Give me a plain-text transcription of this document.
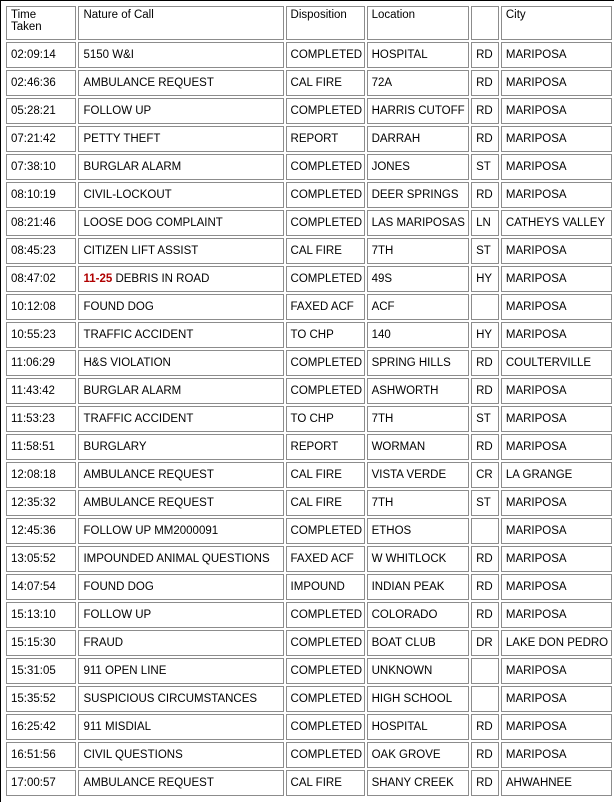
Time
Taken	Nature of Call	Disposition	Location		City
02:09:14	5150 W&I	COMPLETED	HOSPITAL	RD	MARIPOSA
02:46:36	AMBULANCE REQUEST	CAL FIRE	72A	RD	MARIPOSA
05:28:21	FOLLOW UP	COMPLETED	HARRIS CUTOFF	RD	MARIPOSA
07:21:42	PETTY THEFT	REPORT	DARRAH	RD	MARIPOSA
07:38:10	BURGLAR ALARM	COMPLETED	JONES	ST	MARIPOSA
08:10:19	CIVIL-LOCKOUT	COMPLETED	DEER SPRINGS	RD	MARIPOSA
08:21:46	LOOSE DOG COMPLAINT	COMPLETED	LAS MARIPOSAS	LN	CATHEYS VALLEY
08:45:23	CITIZEN LIFT ASSIST	CAL FIRE	7TH	ST	MARIPOSA
08:47:02	11-25 DEBRIS IN ROAD	COMPLETED	49S	HY	MARIPOSA
10:12:08	FOUND DOG	FAXED ACF	ACF		MARIPOSA
10:55:23	TRAFFIC ACCIDENT	TO CHP	140	HY	MARIPOSA
11:06:29	H&S VIOLATION	COMPLETED	SPRING HILLS	RD	COULTERVILLE
11:43:42	BURGLAR ALARM	COMPLETED	ASHWORTH	RD	MARIPOSA
11:53:23	TRAFFIC ACCIDENT	TO CHP	7TH	ST	MARIPOSA
11:58:51	BURGLARY	REPORT	WORMAN	RD	MARIPOSA
12:08:18	AMBULANCE REQUEST	CAL FIRE	VISTA VERDE	CR	LA GRANGE
12:35:32	AMBULANCE REQUEST	CAL FIRE	7TH	ST	MARIPOSA
12:45:36	FOLLOW UP MM2000091	COMPLETED	ETHOS		MARIPOSA
13:05:52	IMPOUNDED ANIMAL QUESTIONS	FAXED ACF	W WHITLOCK	RD	MARIPOSA
14:07:54	FOUND DOG	IMPOUND	INDIAN PEAK	RD	MARIPOSA
15:13:10	FOLLOW UP	COMPLETED	COLORADO	RD	MARIPOSA
15:15:30	FRAUD	COMPLETED	BOAT CLUB	DR	LAKE DON PEDRO
15:31:05	911 OPEN LINE	COMPLETED	UNKNOWN		MARIPOSA
15:35:52	SUSPICIOUS CIRCUMSTANCES	COMPLETED	HIGH SCHOOL		MARIPOSA
16:25:42	911 MISDIAL	COMPLETED	HOSPITAL	RD	MARIPOSA
16:51:56	CIVIL QUESTIONS	COMPLETED	OAK GROVE	RD	MARIPOSA
17:00:57	AMBULANCE REQUEST	CAL FIRE	SHANY CREEK	RD	AHWAHNEE
